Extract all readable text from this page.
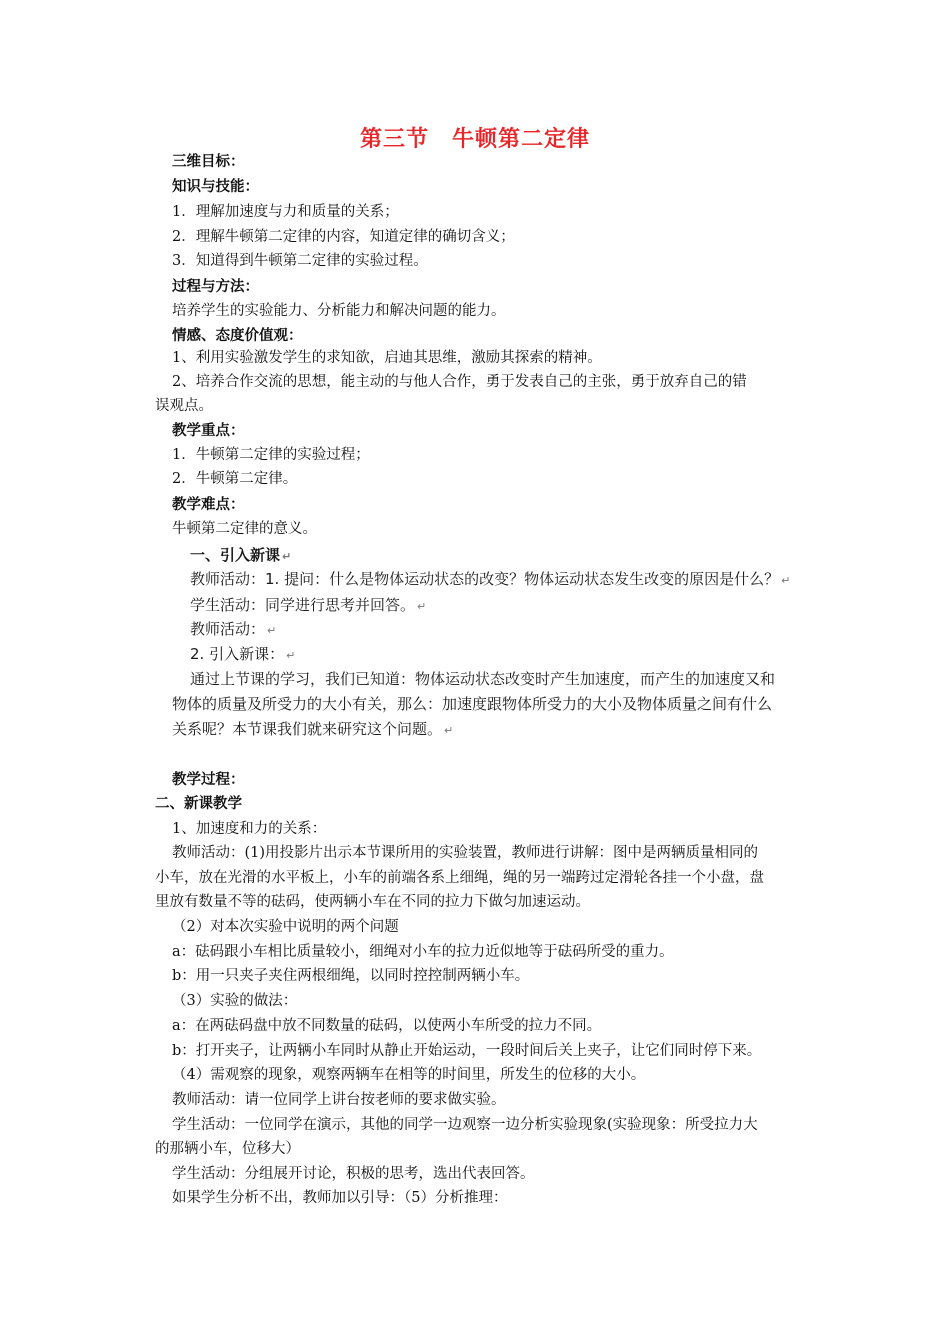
第三节　牛顿第二定律
三维目标：
知识与技能：
1．理解加速度与力和质量的关系；
2．理解牛顿第二定律的内容，知道定律的确切含义；
3．知道得到牛顿第二定律的实验过程。
过程与方法：
培养学生的实验能力、分析能力和解决问题的能力。
情感、态度价值观：
1、利用实验激发学生的求知欲，启迪其思维，激励其探索的精神。
2、培养合作交流的思想，能主动的与他人合作，勇于发表自己的主张，勇于放弃自己的错
误观点。
教学重点：
1．牛顿第二定律的实验过程；
2．牛顿第二定律。
教学难点：
牛顿第二定律的意义。
一、引入新课 ↵
教师活动：1. 提问：什么是物体运动状态的改变？物体运动状态发生改变的原因是什么？ ↵
学生活动：同学进行思考并回答。 ↵
教师活动： ↵
2. 引入新课： ↵
通过上节课的学习，我们已知道：物体运动状态改变时产生加速度，而产生的加速度又和
物体的质量及所受力的大小有关，那么：加速度跟物体所受力的大小及物体质量之间有什么
关系呢？本节课我们就来研究这个问题。 ↵
教学过程：
二、新课教学
1、加速度和力的关系：
教师活动：(1)用投影片出示本节课所用的实验装置，教师进行讲解：图中是两辆质量相同的
小车，放在光滑的水平板上，小车的前端各系上细绳，绳的另一端跨过定滑轮各挂一个小盘，盘
里放有数量不等的砝码，使两辆小车在不同的拉力下做匀加速运动。
（2）对本次实验中说明的两个问题
a：砝码跟小车相比质量较小，细绳对小车的拉力近似地等于砝码所受的重力。
b：用一只夹子夹住两根细绳，以同时控控制两辆小车。
（3）实验的做法：
a：在两砝码盘中放不同数量的砝码，以使两小车所受的拉力不同。
b：打开夹子，让两辆小车同时从静止开始运动，一段时间后关上夹子，让它们同时停下来。
（4）需观察的现象，观察两辆车在相等的时间里，所发生的位移的大小。
教师活动：请一位同学上讲台按老师的要求做实验。
学生活动：一位同学在演示，其他的同学一边观察一边分析实验现象(实验现象：所受拉力大
的那辆小车，位移大）
学生活动：分组展开讨论，积极的思考，选出代表回答。
如果学生分析不出，教师加以引导：（5）分析推理：
